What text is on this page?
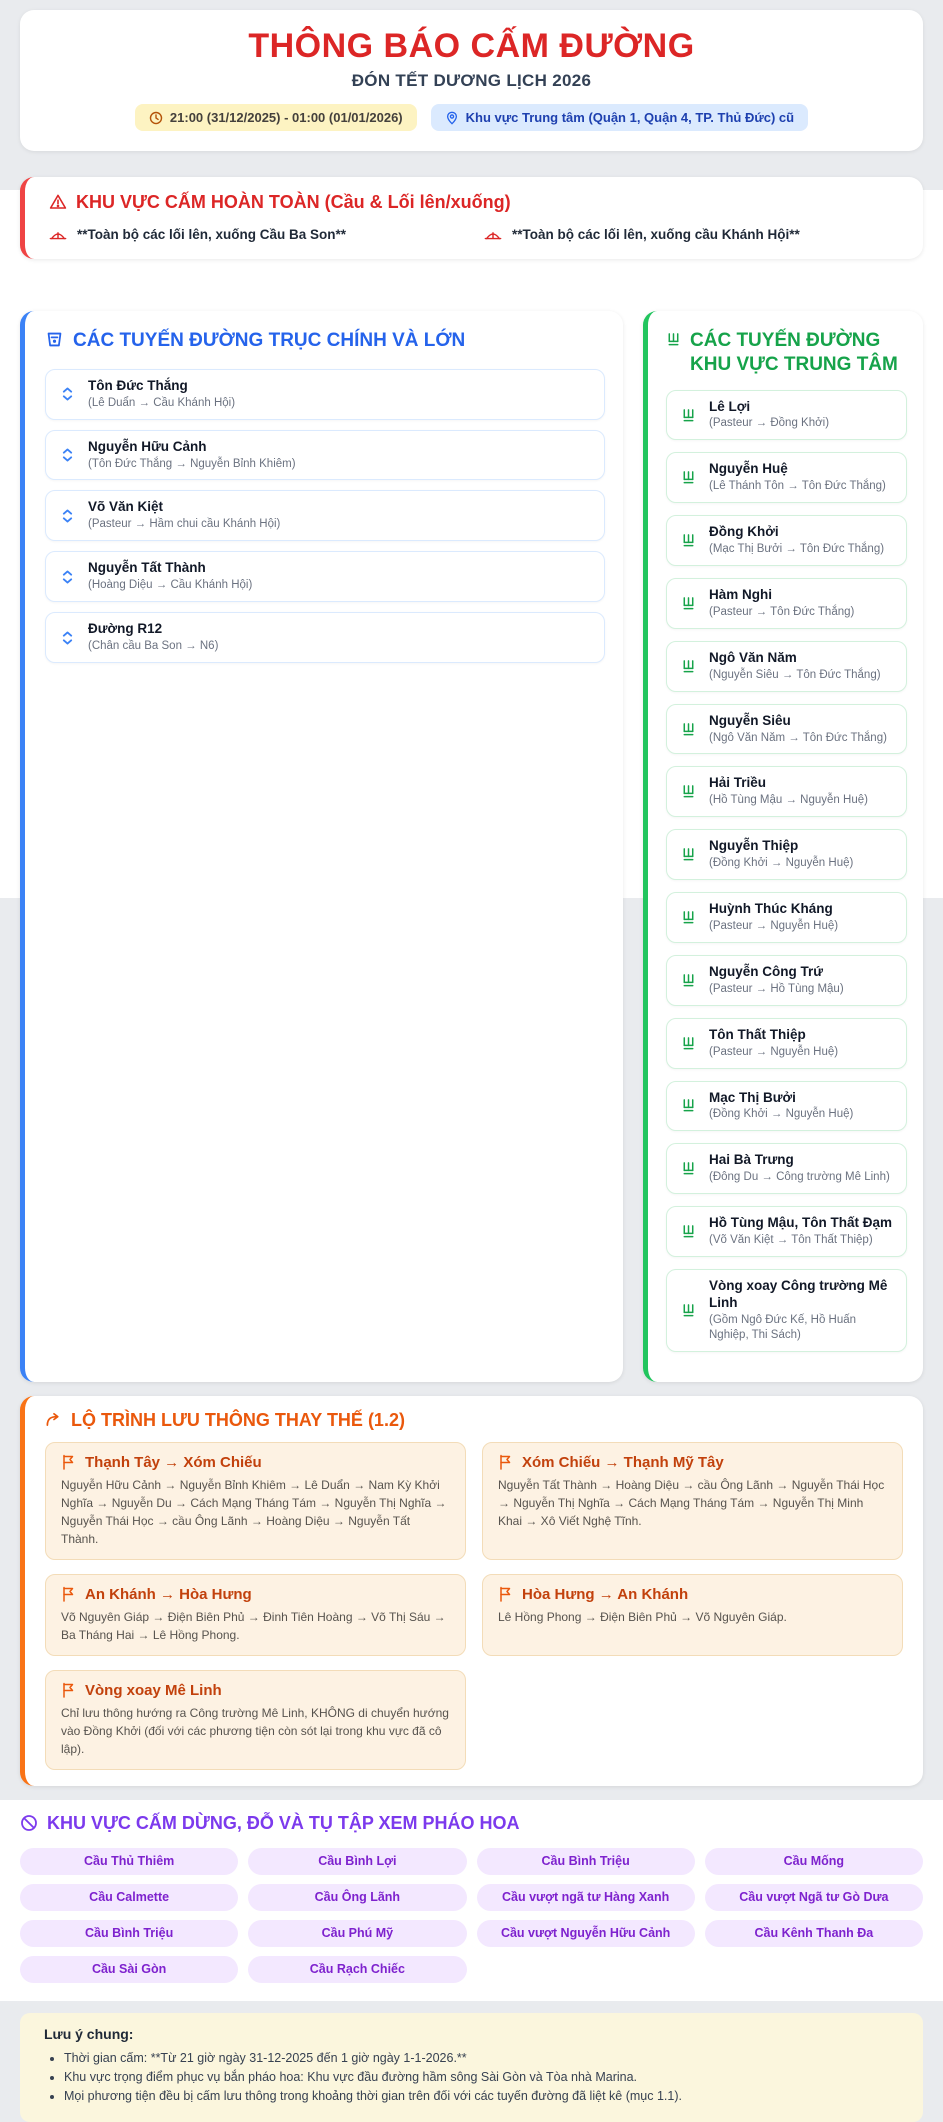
THÔNG BÁO CẤM ĐƯỜNG
ĐÓN TẾT DƯƠNG LỊCH 2026
21:00 (31/12/2025) - 01:00 (01/01/2026)	Khu vực Trung tâm (Quận 1, Quận 4, TP. Thủ Đức) cũ
KHU VỰC CẤM HOÀN TOÀN (Cầu & Lối lên/xuống)
**Toàn bộ các lối lên, xuống Cầu Ba Son**	**Toàn bộ các lối lên, xuống cầu Khánh Hội**
CÁC TUYẾN ĐƯỜNG TRỤC CHÍNH VÀ LỚN
Tôn Đức Thắng
(Lê Duẩn → Cầu Khánh Hội)
Nguyễn Hữu Cảnh
(Tôn Đức Thắng → Nguyễn Bỉnh Khiêm)
Võ Văn Kiệt
(Pasteur → Hầm chui cầu Khánh Hội)
Nguyễn Tất Thành
(Hoàng Diệu → Cầu Khánh Hội)
Đường R12
(Chân cầu Ba Son → N6)
CÁC TUYẾN ĐƯỜNG KHU VỰC TRUNG TÂM
Lê Lợi
(Pasteur → Đồng Khởi)
Nguyễn Huệ
(Lê Thánh Tôn → Tôn Đức Thắng)
Đồng Khởi
(Mạc Thị Bưởi → Tôn Đức Thắng)
Hàm Nghi
(Pasteur → Tôn Đức Thắng)
Ngô Văn Năm
(Nguyễn Siêu → Tôn Đức Thắng)
Nguyễn Siêu
(Ngô Văn Năm → Tôn Đức Thắng)
Hải Triều
(Hồ Tùng Mậu → Nguyễn Huệ)
Nguyễn Thiệp
(Đồng Khởi → Nguyễn Huệ)
Huỳnh Thúc Kháng
(Pasteur → Nguyễn Huệ)
Nguyễn Công Trứ
(Pasteur → Hồ Tùng Mậu)
Tôn Thất Thiệp
(Pasteur → Nguyễn Huệ)
Mạc Thị Bưởi
(Đồng Khởi → Nguyễn Huệ)
Hai Bà Trưng
(Đông Du → Công trường Mê Linh)
Hồ Tùng Mậu, Tôn Thất Đạm
(Võ Văn Kiệt → Tôn Thất Thiệp)
Vòng xoay Công trường Mê Linh
(Gồm Ngô Đức Kế, Hồ Huấn Nghiệp, Thi Sách)
LỘ TRÌNH LƯU THÔNG THAY THẾ (1.2)
Thạnh Tây → Xóm Chiếu
Nguyễn Hữu Cảnh → Nguyễn Bỉnh Khiêm → Lê Duẩn → Nam Kỳ Khởi Nghĩa → Nguyễn Du → Cách Mạng Tháng Tám → Nguyễn Thị Nghĩa → Nguyễn Thái Học → cầu Ông Lãnh → Hoàng Diệu → Nguyễn Tất Thành.
Xóm Chiếu → Thạnh Mỹ Tây
Nguyễn Tất Thành → Hoàng Diệu → cầu Ông Lãnh → Nguyễn Thái Học → Nguyễn Thị Nghĩa → Cách Mạng Tháng Tám → Nguyễn Thị Minh Khai → Xô Viết Nghệ Tĩnh.
An Khánh → Hòa Hưng
Võ Nguyên Giáp → Điện Biên Phủ → Đinh Tiên Hoàng → Võ Thị Sáu → Ba Tháng Hai → Lê Hồng Phong.
Hòa Hưng → An Khánh
Lê Hồng Phong → Điện Biên Phủ → Võ Nguyên Giáp.
Vòng xoay Mê Linh
Chỉ lưu thông hướng ra Công trường Mê Linh, KHÔNG di chuyển hướng vào Đồng Khởi (đối với các phương tiện còn sót lại trong khu vực đã cô lập).
KHU VỰC CẤM DỪNG, ĐỖ VÀ TỤ TẬP XEM PHÁO HOA
Cầu Thủ Thiêm	Cầu Bình Lợi	Cầu Bình Triệu	Cầu Mống
Cầu Calmette	Cầu Ông Lãnh	Cầu vượt ngã tư Hàng Xanh	Cầu vượt Ngã tư Gò Dưa
Cầu Bình Triệu	Cầu Phú Mỹ	Cầu vượt Nguyễn Hữu Cảnh	Cầu Kênh Thanh Đa
Cầu Sài Gòn	Cầu Rạch Chiếc
Lưu ý chung:
• Thời gian cấm: **Từ 21 giờ ngày 31-12-2025 đến 1 giờ ngày 1-1-2026.**
• Khu vực trọng điểm phục vụ bắn pháo hoa: Khu vực đầu đường hầm sông Sài Gòn và Tòa nhà Marina.
• Mọi phương tiện đều bị cấm lưu thông trong khoảng thời gian trên đối với các tuyến đường đã liệt kê (mục 1.1).
